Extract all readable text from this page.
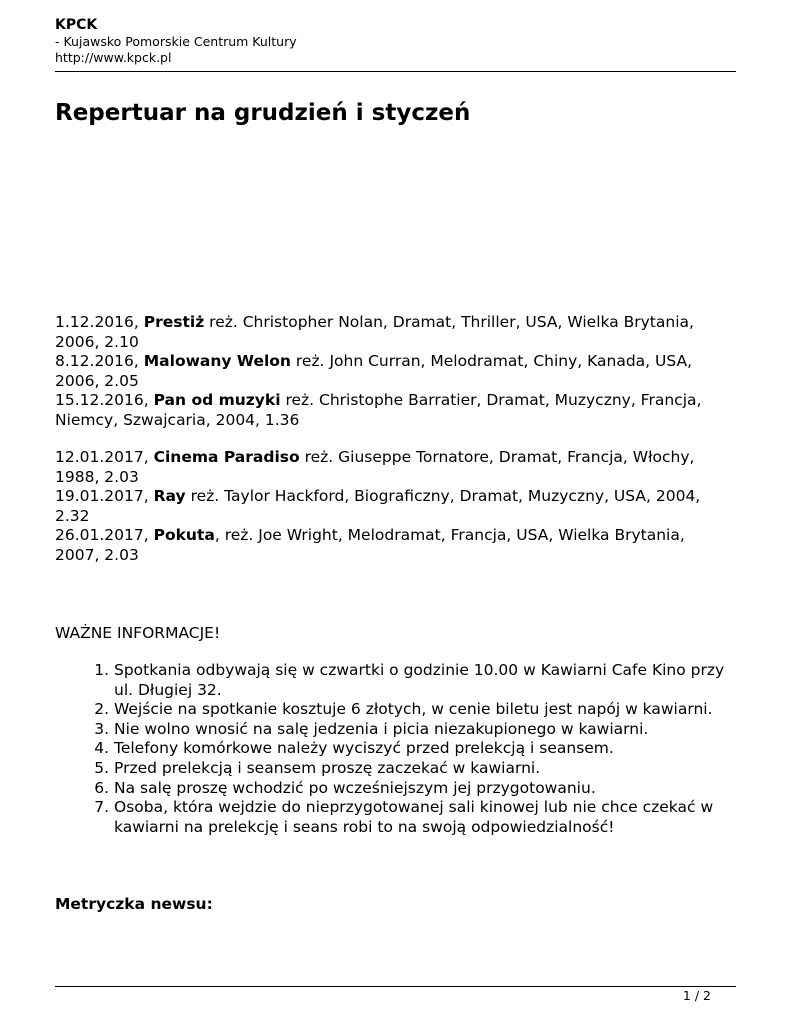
KPCK
- Kujawsko Pomorskie Centrum Kultury
http://www.kpck.pl
Repertuar na grudzień i styczeń

1.12.2016, Prestiż reż. Christopher Nolan, Dramat, Thriller, USA, Wielka Brytania, 2006, 2.10

8.12.2016, Malowany Welon reż. John Curran, Melodramat, Chiny, Kanada, USA, 2006, 2.05

15.12.2016, Pan od muzyki reż. Christophe Barratier, Dramat, Muzyczny, Francja, Niemcy, Szwajcaria, 2004, 1.36

12.01.2017, Cinema Paradiso reż. Giuseppe Tornatore, Dramat, Francja, Włochy, 1988, 2.03

19.01.2017, Ray reż. Taylor Hackford, Biograficzny, Dramat, Muzyczny, USA, 2004, 2.32

26.01.2017, Pokuta, reż. Joe Wright, Melodramat, Francja, USA, Wielka Brytania, 2007, 2.03

WAŻNE INFORMACJE!
1. Spotkania odbywają się w czwartki o godzinie 10.00 w Kawiarni Cafe Kino przy ul. Długiej 32.
2. Wejście na spotkanie kosztuje 6 złotych, w cenie biletu jest napój w kawiarni.
3. Nie wolno wnosić na salę jedzenia i picia niezakupionego w kawiarni.
4. Telefony komórkowe należy wyciszyć przed prelekcją i seansem.
5. Przed prelekcją i seansem proszę zaczekać w kawiarni.
6. Na salę proszę wchodzić po wcześniejszym jej przygotowaniu.
7. Osoba, która wejdzie do nieprzygotowanej sali kinowej lub nie chce czekać w kawiarni na prelekcję i seans robi to na swoją odpowiedzialność!
Metryczka newsu:
1 / 2
